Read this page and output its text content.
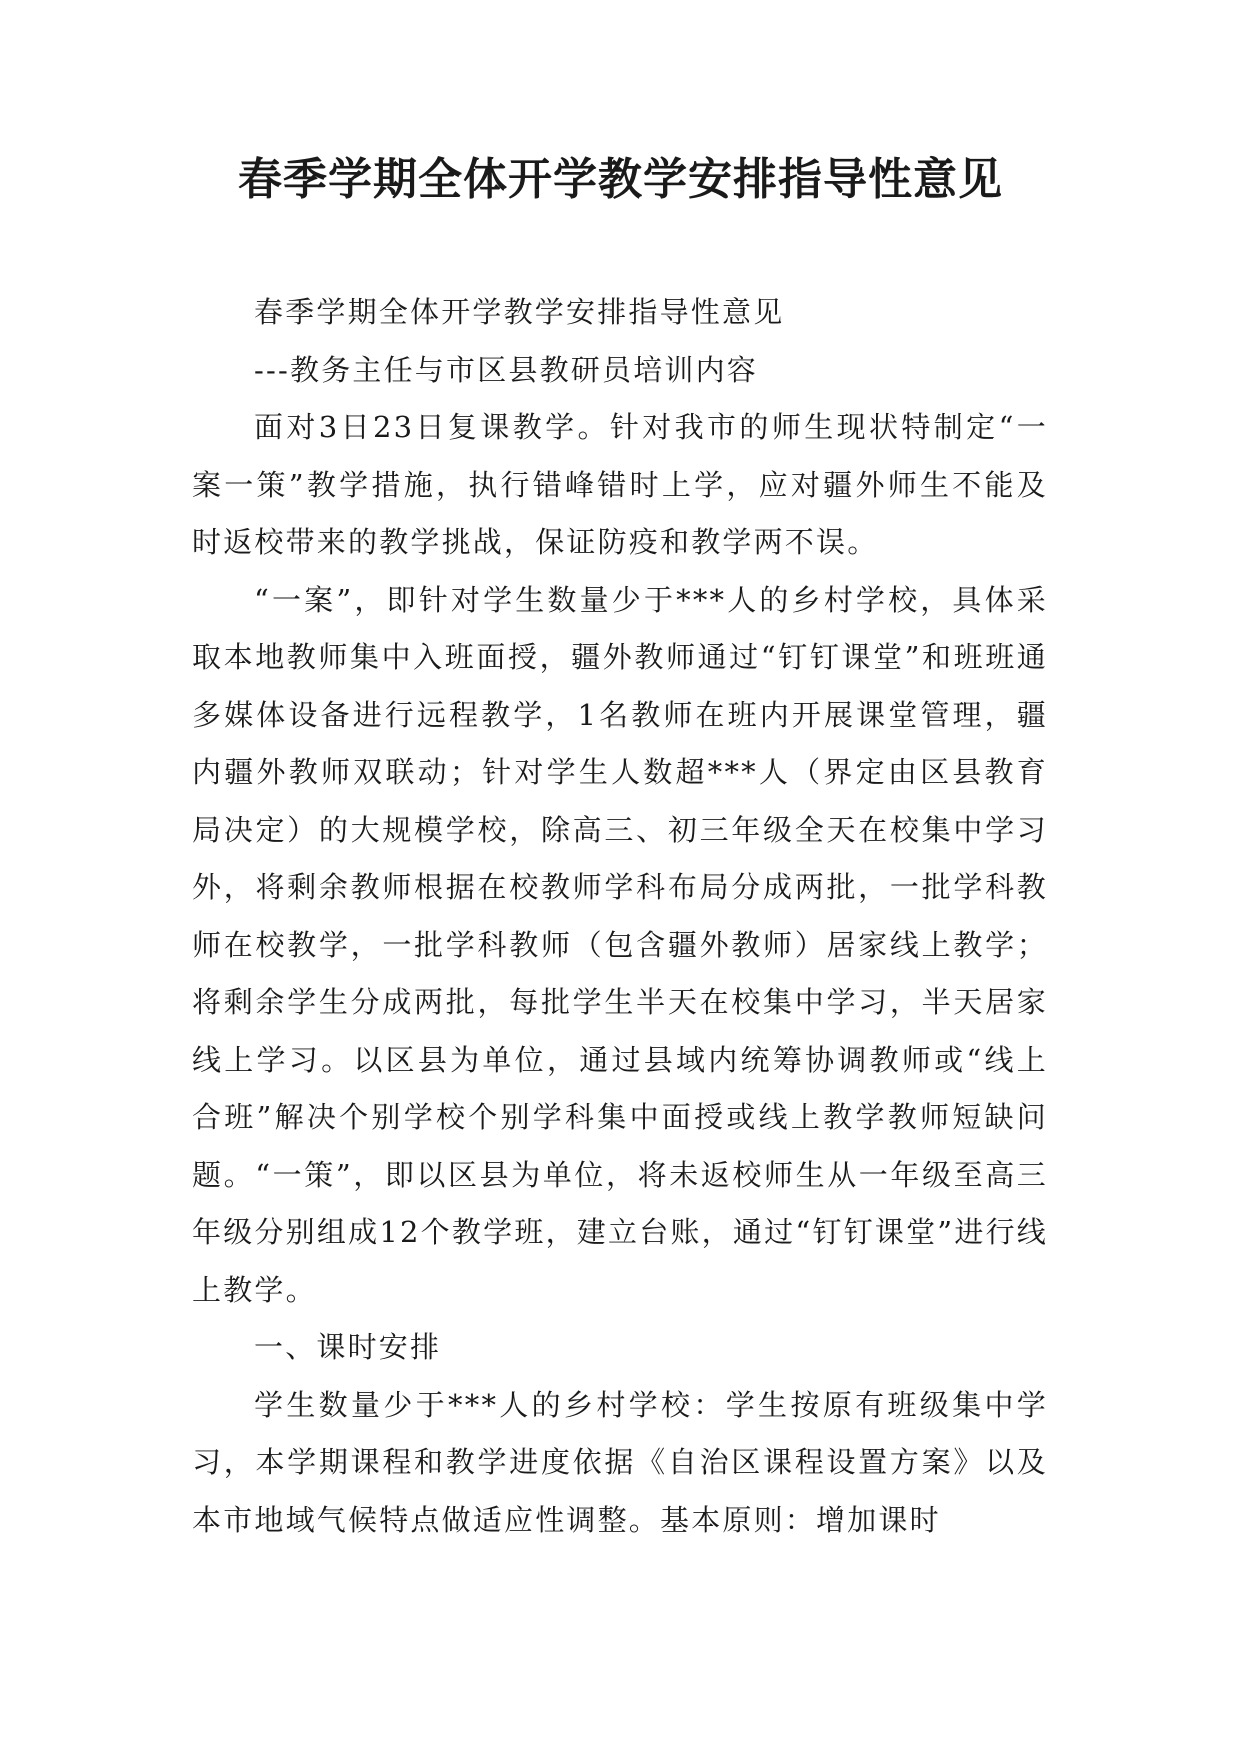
春季学期全体开学教学安排指导性意见

春季学期全体开学教学安排指导性意见

---教务主任与市区县教研员培训内容

面对3日23日复课教学。针对我市的师生现状特制定“一案一策”教学措施，执行错峰错时上学，应对疆外师生不能及时返校带来的教学挑战，保证防疫和教学两不误。

“一案”，即针对学生数量少于***人的乡村学校，具体采取本地教师集中入班面授，疆外教师通过“钉钉课堂”和班班通多媒体设备进行远程教学，1名教师在班内开展课堂管理，疆内疆外教师双联动；针对学生人数超***人（界定由区县教育局决定）的大规模学校，除高三、初三年级全天在校集中学习外，将剩余教师根据在校教师学科布局分成两批，一批学科教师在校教学，一批学科教师（包含疆外教师）居家线上教学；将剩余学生分成两批，每批学生半天在校集中学习，半天居家线上学习。以区县为单位，通过县域内统筹协调教师或“线上合班”解决个别学校个别学科集中面授或线上教学教师短缺问题。“一策”，即以区县为单位，将未返校师生从一年级至高三年级分别组成12个教学班，建立台账，通过“钉钉课堂”进行线上教学。

一、课时安排

学生数量少于***人的乡村学校：学生按原有班级集中学习，本学期课程和教学进度依据《自治区课程设置方案》以及本市地域气候特点做适应性调整。基本原则：增加课时
